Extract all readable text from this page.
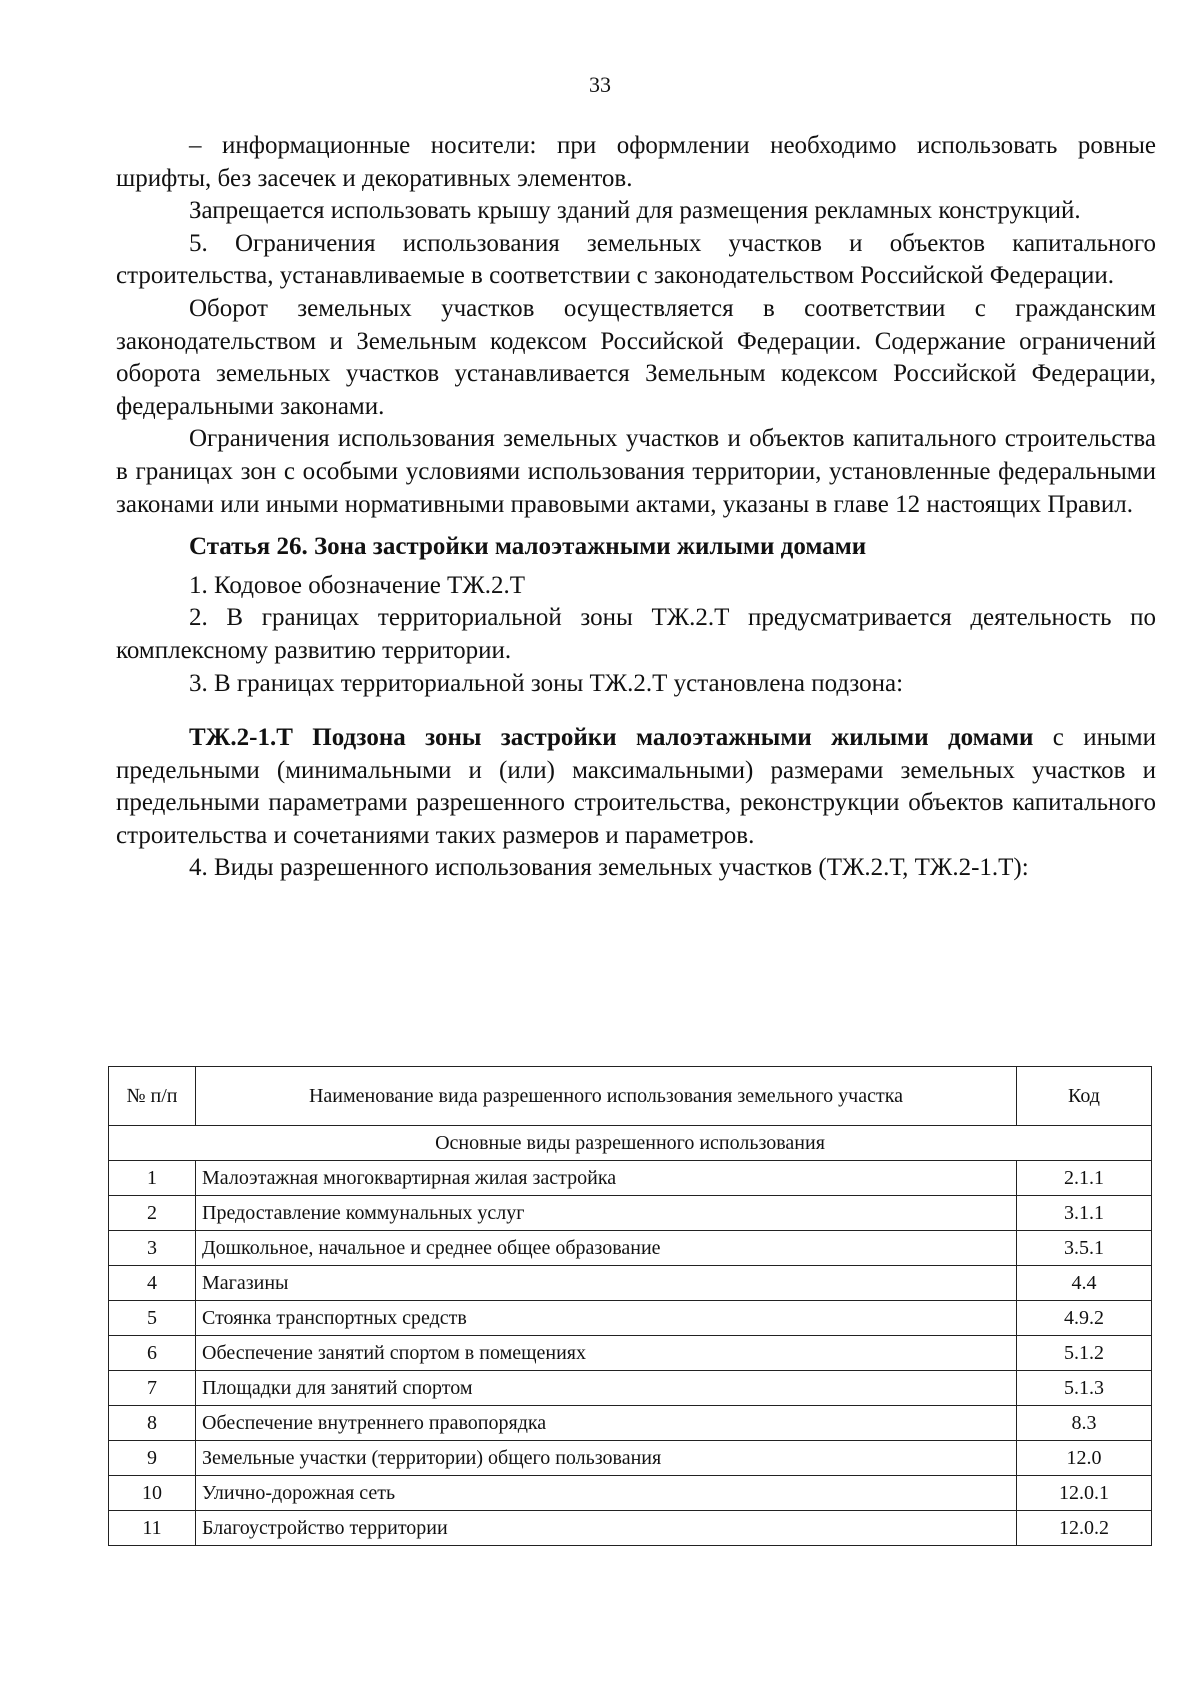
33

– информационные носители: при оформлении необходимо использовать ровные шрифты, без засечек и декоративных элементов.

Запрещается использовать крышу зданий для размещения рекламных конструкций.

5. Ограничения использования земельных участков и объектов капитального строительства, устанавливаемые в соответствии с законодательством Российской Федерации.

Оборот земельных участков осуществляется в соответствии с гражданским законодательством и Земельным кодексом Российской Федерации. Содержание ограничений оборота земельных участков устанавливается Земельным кодексом Российской Федерации, федеральными законами.

Ограничения использования земельных участков и объектов капитального строительства в границах зон с особыми условиями использования территории, установленные федеральными законами или иными нормативными правовыми актами, указаны в главе 12 настоящих Правил.

Статья 26. Зона застройки малоэтажными жилыми домами

1. Кодовое обозначение ТЖ.2.Т

2. В границах территориальной зоны ТЖ.2.Т предусматривается деятельность по комплексному развитию территории.

3. В границах территориальной зоны ТЖ.2.Т установлена подзона:

ТЖ.2-1.Т Подзона зоны застройки малоэтажными жилыми домами с иными предельными (минимальными и (или) максимальными) размерами земельных участков и предельными параметрами разрешенного строительства, реконструкции объектов капитального строительства и сочетаниями таких размеров и параметров.

4. Виды разрешенного использования земельных участков (ТЖ.2.Т, ТЖ.2-1.Т):

№ п/п	Наименование вида разрешенного использования земельного участка	Код
Основные виды разрешенного использования		
1	Малоэтажная многоквартирная жилая застройка	2.1.1
2	Предоставление коммунальных услуг	3.1.1
3	Дошкольное, начальное и среднее общее образование	3.5.1
4	Магазины	4.4
5	Стоянка транспортных средств	4.9.2
6	Обеспечение занятий спортом в помещениях	5.1.2
7	Площадки для занятий спортом	5.1.3
8	Обеспечение внутреннего правопорядка	8.3
9	Земельные участки (территории) общего пользования	12.0
10	Улично-дорожная сеть	12.0.1
11	Благоустройство территории	12.0.2
